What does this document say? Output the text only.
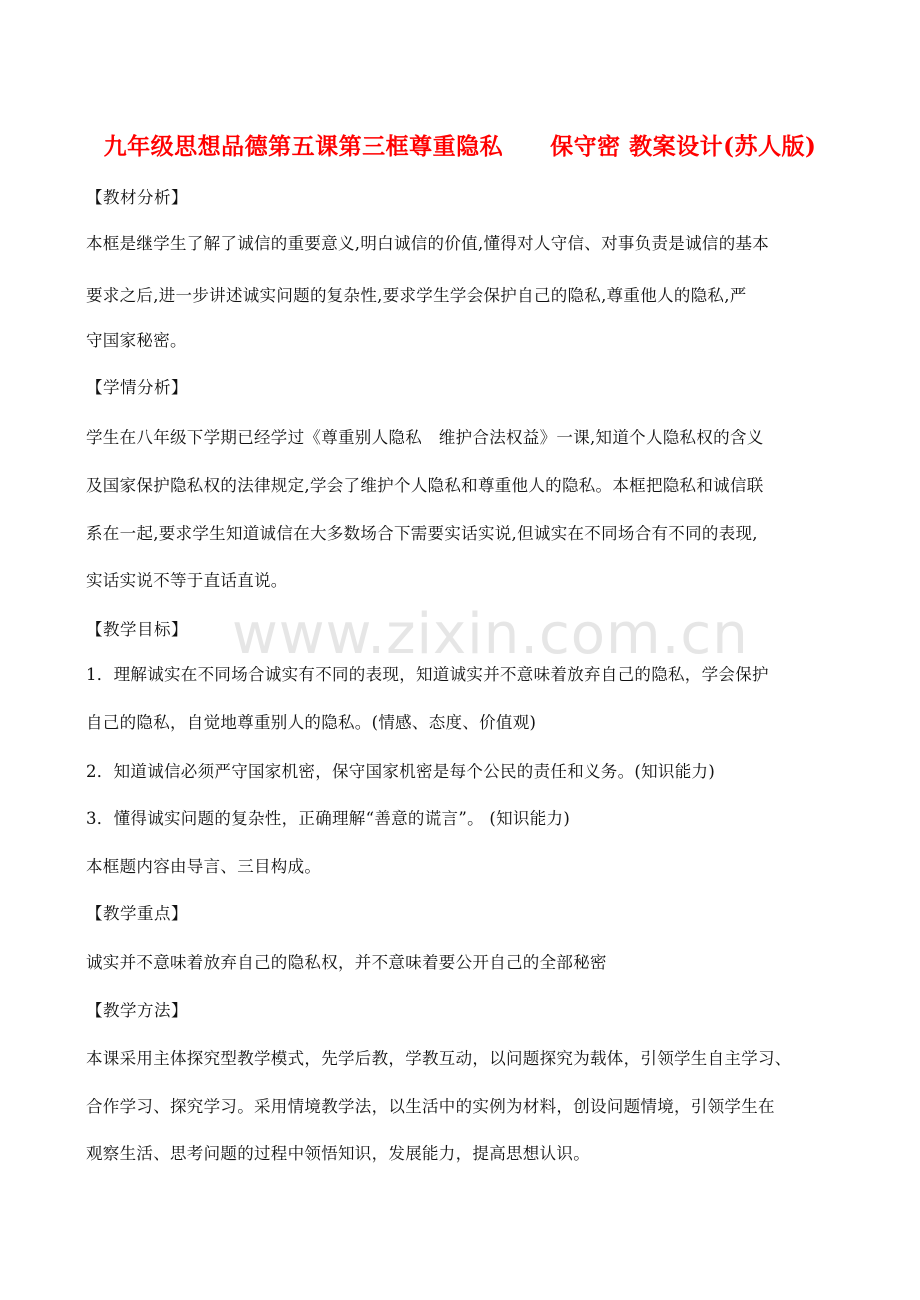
www.zixin.com.cn
九年级思想品德第五课第三框尊重隐私　　保守密 教案设计(苏人版)
【教材分析】
本框是继学生了解了诚信的重要意义,明白诚信的价值,懂得对人守信、对事负责是诚信的基本
要求之后,进一步讲述诚实问题的复杂性,要求学生学会保护自己的隐私,尊重他人的隐私,严
守国家秘密。
【学情分析】
学生在八年级下学期已经学过《尊重别人隐私　维护合法权益》一课,知道个人隐私权的含义
及国家保护隐私权的法律规定,学会了维护个人隐私和尊重他人的隐私。本框把隐私和诚信联
系在一起,要求学生知道诚信在大多数场合下需要实话实说,但诚实在不同场合有不同的表现,
实话实说不等于直话直说。
【教学目标】
1．理解诚实在不同场合诚实有不同的表现，知道诚实并不意味着放弃自己的隐私，学会保护
自己的隐私，自觉地尊重别人的隐私。(情感、态度、价值观)
2．知道诚信必须严守国家机密，保守国家机密是每个公民的责任和义务。(知识能力)
3．懂得诚实问题的复杂性，正确理解“善意的谎言”。 (知识能力)
本框题内容由导言、三目构成。
【教学重点】
诚实并不意味着放弃自己的隐私权，并不意味着要公开自己的全部秘密
【教学方法】
本课采用主体探究型教学模式，先学后教，学教互动，以问题探究为载体，引领学生自主学习、
合作学习、探究学习。采用情境教学法，以生活中的实例为材料，创设问题情境，引领学生在
观察生活、思考问题的过程中领悟知识，发展能力，提高思想认识。
